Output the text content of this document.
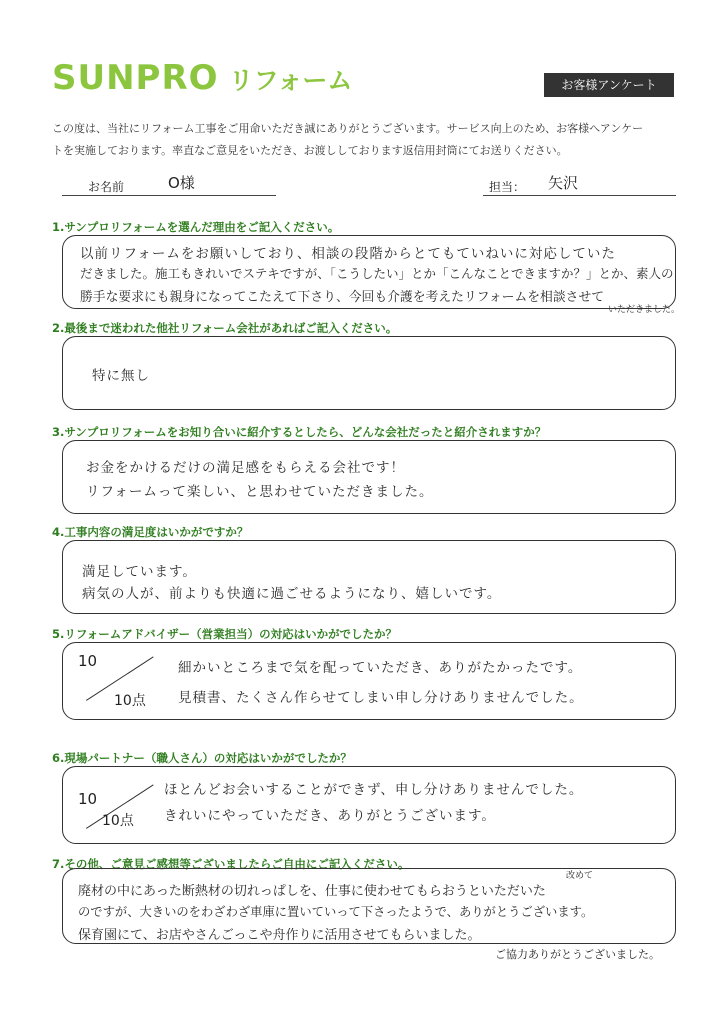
SUNPRO リフォーム	お客様アンケート
この度は、当社にリフォーム工事をご用命いただき誠にありがとうございます。サービス向上のため、お客様へアンケー
トを実施しております。率直なご意見をいただき、お渡ししております返信用封筒にてお送りください。
お名前	O様	担当： 矢沢
1.サンプロリフォームを選んだ理由をご記入ください。
以前リフォームをお願いしており、相談の段階からとてもていねいに対応していた
だきました。施工もきれいでステキですが、「こうしたい」とか「こんなことできますか？」とか、素人の
勝手な要求にも親身になってこたえて下さり、今回も介護を考えたリフォームを相談させて
いただきました。
2.最後まで迷われた他社リフォーム会社があればご記入ください。
特に無し
3.サンプロリフォームをお知り合いに紹介するとしたら、どんな会社だったと紹介されますか？
お金をかけるだけの満足感をもらえる会社です！
リフォームって楽しい、と思わせていただきました。
4.工事内容の満足度はいかがですか？
満足しています。
病気の人が、前よりも快適に過ごせるようになり、嬉しいです。
5.リフォームアドバイザー（営業担当）の対応はいかがでしたか？
10
10点
細かいところまで気を配っていただき、ありがたかったです。
見積書、たくさん作らせてしまい申し分けありませんでした。
6.現場パートナー（職人さん）の対応はいかがでしたか？
10
10点
ほとんどお会いすることができず、申し分けありませんでした。
きれいにやっていただき、ありがとうございます。
7.その他、ご意見ご感想等ございましたらご自由にご記入ください。
改めて
廃材の中にあった断熱材の切れっぱしを、仕事に使わせてもらおうといただいた
のですが、大きいのをわざわざ車庫に置いていって下さったようで、ありがとうございます。
保育園にて、お店やさんごっこや舟作りに活用させてもらいました。
ご協力ありがとうございました。
